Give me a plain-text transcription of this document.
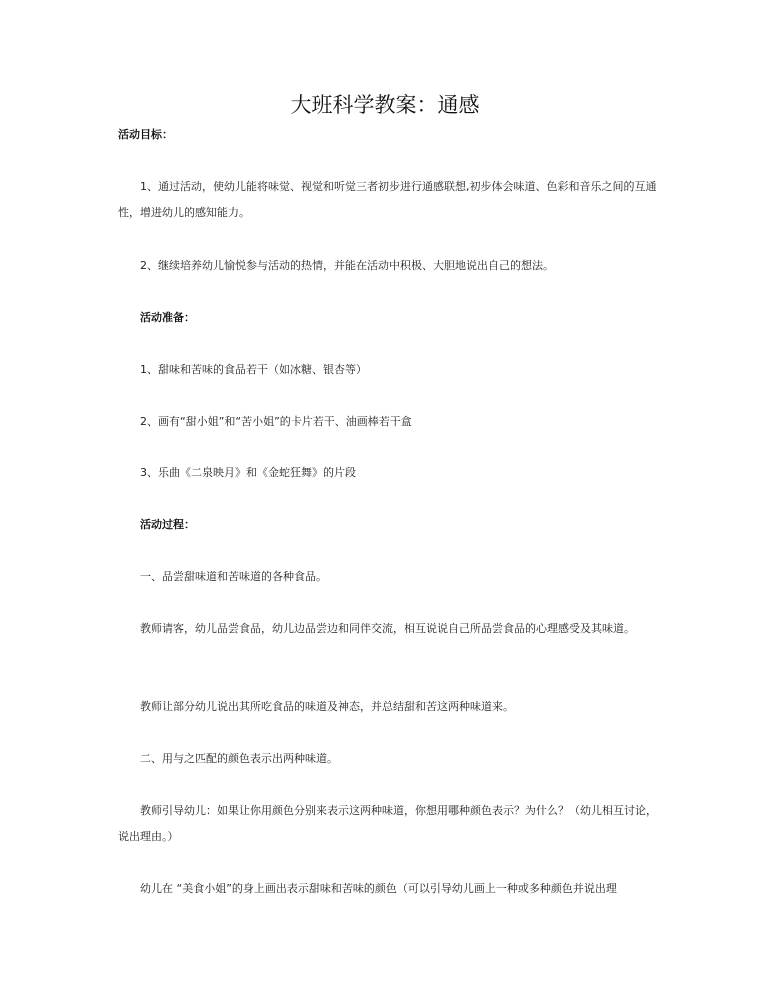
大班科学教案：通感
活动目标：
1、通过活动，使幼儿能将味觉、视觉和听觉三者初步进行通感联想,初步体会味道、色彩和音乐之间的互通性，增进幼儿的感知能力。
2、继续培养幼儿愉悦参与活动的热情，并能在活动中积极、大胆地说出自己的想法。
活动准备：
1、甜味和苦味的食品若干（如冰糖、银杏等）
2、画有“甜小姐”和“苦小姐”的卡片若干、油画棒若干盒
3、乐曲《二泉映月》和《金蛇狂舞》的片段
活动过程：
一、品尝甜味道和苦味道的各种食品。
教师请客，幼儿品尝食品，幼儿边品尝边和同伴交流，相互说说自己所品尝食品的心理感受及其味道。
教师让部分幼儿说出其所吃食品的味道及神态，并总结甜和苦这两种味道来。
二、用与之匹配的颜色表示出两种味道。
教师引导幼儿：如果让你用颜色分别来表示这两种味道，你想用哪种颜色表示？为什么？（幼儿相互讨论，说出理由。）
幼儿在 “美食小姐”的身上画出表示甜味和苦味的颜色（可以引导幼儿画上一种或多种颜色并说出理
